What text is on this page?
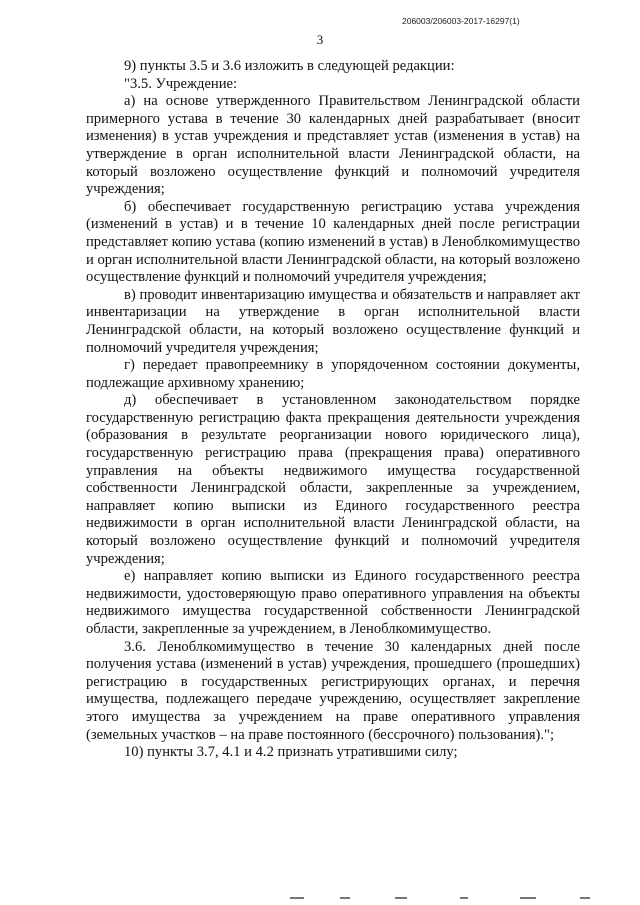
206003/206003-2017-16297(1)
3

9) пункты 3.5 и 3.6 изложить в следующей редакции:

"3.5. Учреждение:

а) на основе утвержденного Правительством Ленинградской области примерного устава в течение 30 календарных дней разрабатывает (вносит изменения) в устав учреждения и представляет устав (изменения в устав) на утверждение в орган исполнительной власти Ленинградской области, на который возложено осуществление функций и полномочий учредителя учреждения;

б) обеспечивает государственную регистрацию устава учреждения (изменений в устав) и в течение 10 календарных дней после регистрации представляет копию устава (копию изменений в устав) в Леноблкомимущество и орган исполнительной власти Ленинградской области, на который возложено осуществление функций и полномочий учредителя учреждения;

в) проводит инвентаризацию имущества и обязательств и направляет акт инвентаризации на утверждение в орган исполнительной власти Ленинградской области, на который возложено осуществление функций и полномочий учредителя учреждения;

г) передает правопреемнику в упорядоченном состоянии документы, подлежащие архивному хранению;

д) обеспечивает в установленном законодательством порядке государственную регистрацию факта прекращения деятельности учреждения (образования в результате реорганизации нового юридического лица), государственную регистрацию права (прекращения права) оперативного управления на объекты недвижимого имущества государственной собственности Ленинградской области, закрепленные за учреждением, направляет копию выписки из Единого государственного реестра недвижимости в орган исполнительной власти Ленинградской области, на который возложено осуществление функций и полномочий учредителя учреждения;

е) направляет копию выписки из Единого государственного реестра недвижимости, удостоверяющую право оперативного управления на объекты недвижимого имущества государственной собственности Ленинградской области, закрепленные за учреждением, в Леноблкомимущество.

3.6. Леноблкомимущество в течение 30 календарных дней после получения устава (изменений в устав) учреждения, прошедшего (прошедших) регистрацию в государственных регистрирующих органах, и перечня имущества, подлежащего передаче учреждению, осуществляет закрепление этого имущества за учреждением на праве оперативного управления (земельных участков – на праве постоянного (бессрочного) пользования).";

10) пункты 3.7, 4.1 и 4.2 признать утратившими силу;
